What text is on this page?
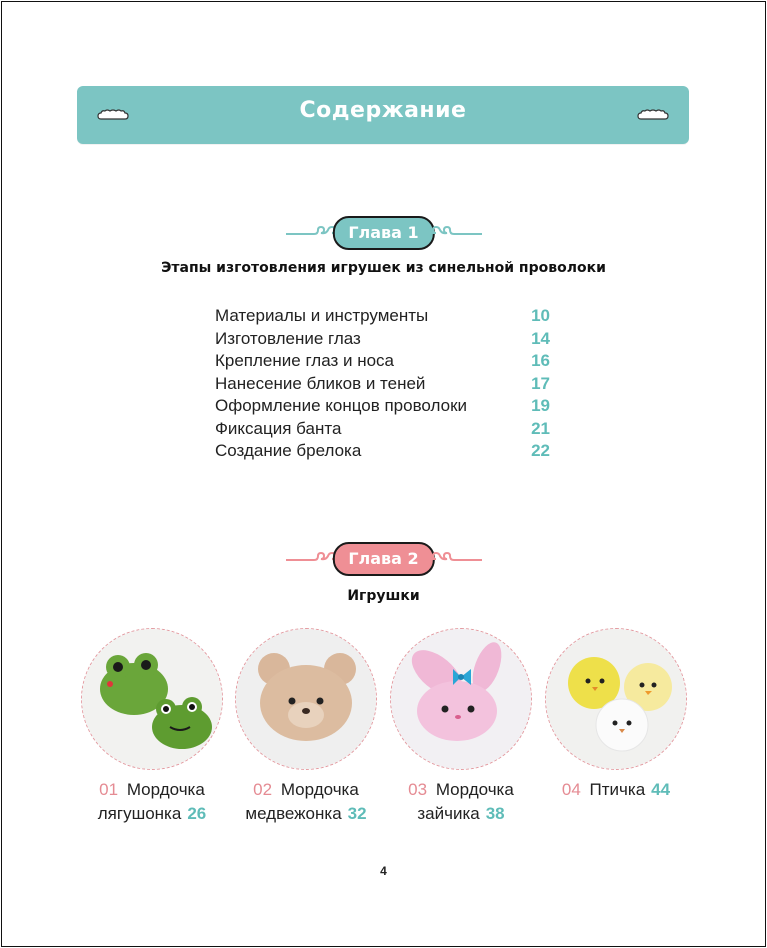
Содержание
Глава 1
Этапы изготовления игрушек из синельной проволоки
Материалы и инструменты	10
Изготовление глаз	14
Крепление глаз и носа	16
Нанесение бликов и теней	17
Оформление концов проволоки	19
Фиксация банта	21
Создание брелока	22
Глава 2
Игрушки
01 Мордочка
лягушонка 26
02 Мордочка
медвежонка 32
03 Мордочка
зайчика 38
04 Птичка 44
4
